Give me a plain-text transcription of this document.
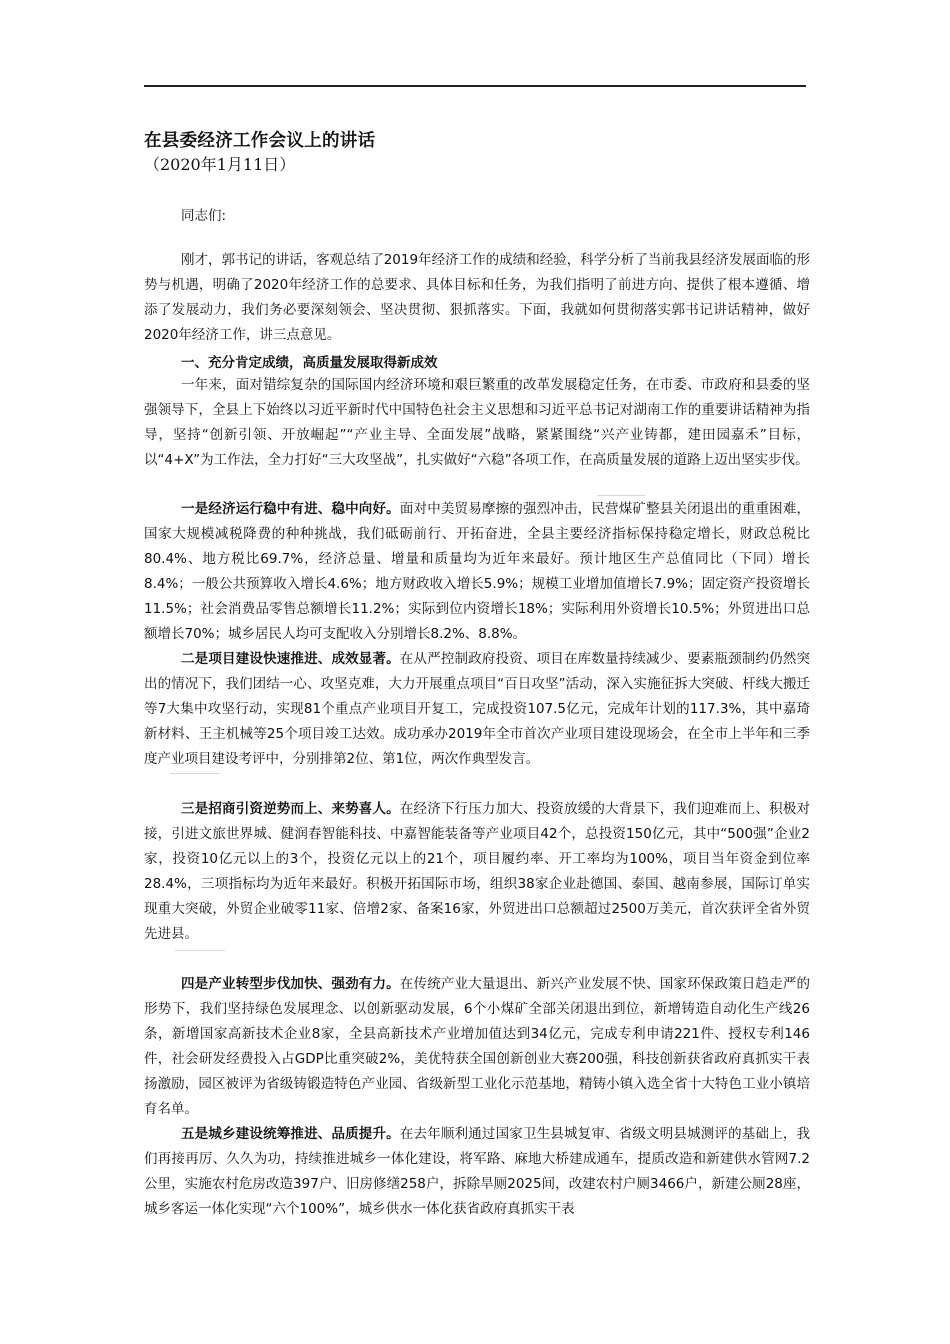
在县委经济工作会议上的讲话
（2020年1月11日）
同志们:

刚才，郭书记的讲话，客观总结了2019年经济工作的成绩和经验，科学分析了当前我县经济发展面临的形势与机遇，明确了2020年经济工作的总要求、具体目标和任务，为我们指明了前进方向、提供了根本遵循、增添了发展动力，我们务必要深刻领会、坚决贯彻、狠抓落实。下面，我就如何贯彻落实郭书记讲话精神，做好2020年经济工作，讲三点意见。

一、充分肯定成绩，高质量发展取得新成效

一年来，面对错综复杂的国际国内经济环境和艰巨繁重的改革发展稳定任务，在市委、市政府和县委的坚强领导下，全县上下始终以习近平新时代中国特色社会主义思想和习近平总书记对湖南工作的重要讲话精神为指导，坚持“创新引领、开放崛起”“产业主导、全面发展”战略，紧紧围绕“兴产业铸都，建田园嘉禾”目标，以“4+X”为工作法，全力打好“三大攻坚战”，扎实做好“六稳”各项工作，在高质量发展的道路上迈出坚实步伐。

一是经济运行稳中有进、稳中向好。面对中美贸易摩擦的强烈冲击，民营煤矿整县关闭退出的重重困难，国家大规模减税降费的种种挑战，我们砥砺前行、开拓奋进，全县主要经济指标保持稳定增长，财政总税比80.4%、地方税比69.7%，经济总量、增量和质量均为近年来最好。预计地区生产总值同比（下同）增长8.4%；一般公共预算收入增长4.6%；地方财政收入增长5.9%；规模工业增加值增长7.9%；固定资产投资增长11.5%；社会消费品零售总额增长11.2%；实际到位内资增长18%；实际利用外资增长10.5%；外贸进出口总额增长70%；城乡居民人均可支配收入分别增长8.2%、8.8%。

二是项目建设快速推进、成效显著。在从严控制政府投资、项目在库数量持续减少、要素瓶颈制约仍然突出的情况下，我们团结一心、攻坚克难，大力开展重点项目“百日攻坚”活动，深入实施征拆大突破、杆线大搬迁等7大集中攻坚行动，实现81个重点产业项目开复工，完成投资107.5亿元，完成年计划的117.3%，其中嘉琦新材料、王主机械等25个项目竣工达效。成功承办2019年全市首次产业项目建设现场会，在全市上半年和三季度产业项目建设考评中，分别排第2位、第1位，两次作典型发言。

三是招商引资逆势而上、来势喜人。在经济下行压力加大、投资放缓的大背景下，我们迎难而上、积极对接，引进文旅世界城、健润春智能科技、中嘉智能装备等产业项目42个，总投资150亿元，其中“500强”企业2家，投资10亿元以上的3个，投资亿元以上的21个，项目履约率、开工率均为100%，项目当年资金到位率28.4%，三项指标均为近年来最好。积极开拓国际市场，组织38家企业赴德国、泰国、越南参展，国际订单实现重大突破，外贸企业破零11家、倍增2家、备案16家，外贸进出口总额超过2500万美元，首次获评全省外贸先进县。

四是产业转型步伐加快、强劲有力。在传统产业大量退出、新兴产业发展不快、国家环保政策日趋走严的形势下，我们坚持绿色发展理念、以创新驱动发展，6个小煤矿全部关闭退出到位，新增铸造自动化生产线26条，新增国家高新技术企业8家，全县高新技术产业增加值达到34亿元，完成专利申请221件、授权专利146件，社会研发经费投入占GDP比重突破2%，美优特获全国创新创业大赛200强，科技创新获省政府真抓实干表扬激励，园区被评为省级铸锻造特色产业园、省级新型工业化示范基地，精铸小镇入选全省十大特色工业小镇培育名单。

五是城乡建设统筹推进、品质提升。在去年顺利通过国家卫生县城复审、省级文明县城测评的基础上，我们再接再厉、久久为功，持续推进城乡一体化建设，将军路、麻地大桥建成通车，提质改造和新建供水管网7.2公里，实施农村危房改造397户、旧房修缮258户，拆除旱厕2025间，改建农村户厕3466户，新建公厕28座，城乡客运一体化实现“六个100%”，城乡供水一体化获省政府真抓实干表
